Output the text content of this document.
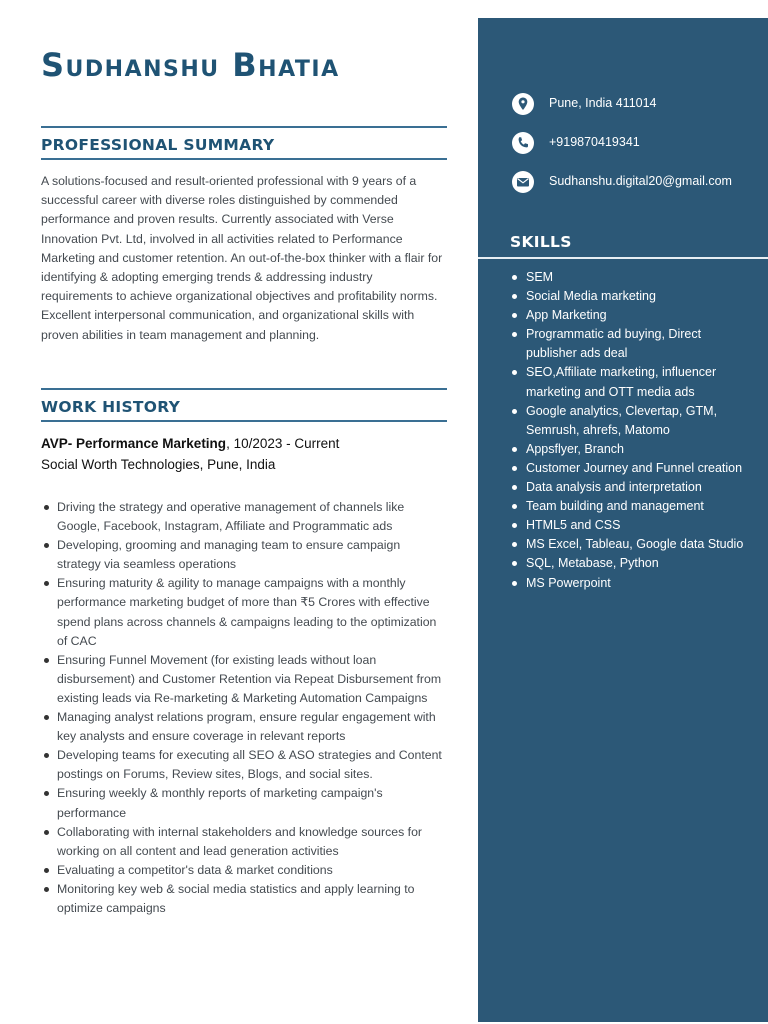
Sudhanshu Bhatia
PROFESSIONAL SUMMARY

A solutions-focused and result-oriented professional with 9 years of a successful career with diverse roles distinguished by commended performance and proven results. Currently associated with Verse Innovation Pvt. Ltd, involved in all activities related to Performance Marketing and customer retention. An out-of-the-box thinker with a flair for identifying & adopting emerging trends & addressing industry requirements to achieve organizational objectives and profitability norms. Excellent interpersonal communication, and organizational skills with proven abilities in team management and planning.

WORK HISTORY
AVP- Performance Marketing, 10/2023 - Current
Social Worth Technologies, Pune, India
Driving the strategy and operative management of channels like Google, Facebook, Instagram, Affiliate and Programmatic ads
Developing, grooming and managing team to ensure campaign strategy via seamless operations
Ensuring maturity & agility to manage campaigns with a monthly performance marketing budget of more than ₹5 Crores with effective spend plans across channels & campaigns leading to the optimization of CAC
Ensuring Funnel Movement (for existing leads without loan disbursement) and Customer Retention via Repeat Disbursement from existing leads via Re-marketing & Marketing Automation Campaigns
Managing analyst relations program, ensure regular engagement with key analysts and ensure coverage in relevant reports
Developing teams for executing all SEO & ASO strategies and Content postings on Forums, Review sites, Blogs, and social sites.
Ensuring weekly & monthly reports of marketing campaign's performance
Collaborating with internal stakeholders and knowledge sources for working on all content and lead generation activities
Evaluating a competitor's data & market conditions
Monitoring key web & social media statistics and apply learning to optimize campaigns
Pune, India 411014
+919870419341
Sudhanshu.digital20@gmail.com
SKILLS
SEM
Social Media marketing
App Marketing
Programmatic ad buying, Direct publisher ads deal
SEO,Affiliate marketing, influencer marketing and OTT media ads
Google analytics, Clevertap, GTM, Semrush, ahrefs, Matomo
Appsflyer, Branch
Customer Journey and Funnel creation
Data analysis and interpretation
Team building and management
HTML5 and CSS
MS Excel, Tableau, Google data Studio
SQL, Metabase, Python
MS Powerpoint
